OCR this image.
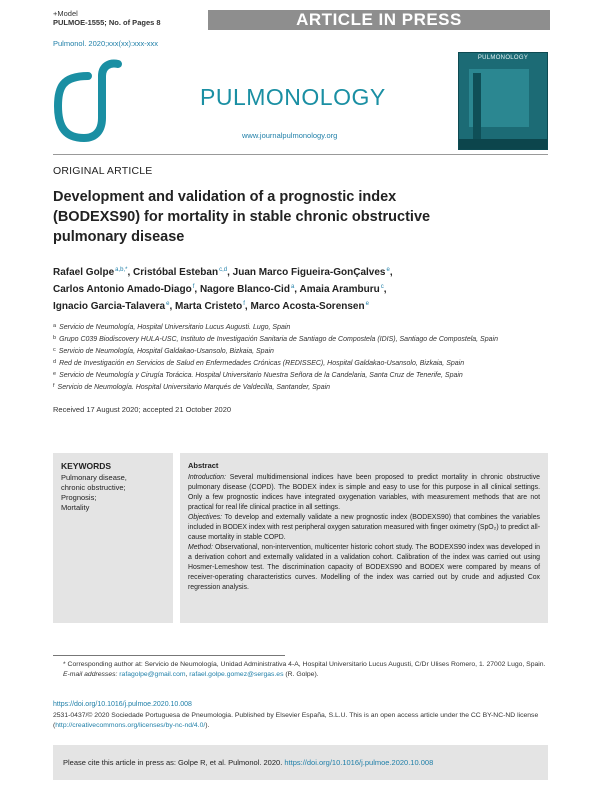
+Model
PULMOE-1555; No. of Pages 8	ARTICLE IN PRESS
Pulmonol. 2020;xxx(xx):xxx-xxx
PULMONOLOGY
www.journalpulmonology.org
PULMONOLOGY
ORIGINAL ARTICLE
Development and validation of a prognostic index (BODEXS90) for mortality in stable chronic obstructive pulmonary disease
Rafael Golpe$^{a,b,*}$, Cristóbal Esteban$^{c,d}$, Juan Marco Figueira-GonÇalves$^e$,
Carlos Antonio Amado-Diago$^f$, Nagore Blanco-Cid$^a$, Amaia Aramburu$^c$,
Ignacio Garcia-Talavera$^e$, Marta Cristeto$^f$, Marco Acosta-Sorensen$^e$
$^a$ Servicio de Neumología, Hospital Universitario Lucus Augusti. Lugo, Spain
$^b$ Grupo C039 Biodiscovery HULA-USC, Instituto de Investigación Sanitaria de Santiago de Compostela (IDIS), Santiago de Compostela, Spain
$^c$ Servicio de Neumología, Hospital Galdakao-Usansolo, Bizkaia, Spain
$^d$ Red de Investigación en Servicios de Salud en Enfermedades Crónicas (REDISSEC), Hospital Galdakao-Usansolo, Bizkaia, Spain
$^e$ Servicio de Neumología y Cirugía Torácica. Hospital Universitario Nuestra Señora de la Candelaria, Santa Cruz de Tenerife, Spain
$^f$ Servicio de Neumología. Hospital Universitario Marqués de Valdecilla, Santander, Spain
Received 17 August 2020; accepted 21 October 2020
KEYWORDS
Pulmonary disease,
chronic obstructive;
Prognosis;
Mortality
Abstract

Introduction: Several multidimensional indices have been proposed to predict mortality in chronic obstructive pulmonary disease (COPD). The BODEX index is simple and easy to use for this purpose in all clinical settings. Only a few prognostic indices have integrated oxygenation variables, with measurement methods that are not practical for real life clinical practice in all settings.

Objectives: To develop and externally validate a new prognostic index (BODEXS90) that combines the variables included in BODEX index with rest peripheral oxygen saturation measured with finger oximetry (SpO₂) to predict all-cause mortality in stable COPD.

Method: Observational, non-intervention, multicenter historic cohort study. The BODEXS90 index was developed in a derivation cohort and externally validated in a validation cohort. Calibration of the index was carried out using Hosmer-Lemeshow test. The discrimination capacity of BODEXS90 and BODEX were compared by means of receiver-operating characteristics curves. Modelling of the index was carried out by crude and adjusted Cox regression analysis.

* Corresponding author at: Servicio de Neumología, Unidad Administrativa 4-A, Hospital Universitario Lucus Augusti, C/Dr Ulises Romero, 1. 27002 Lugo, Spain.
E-mail addresses: rafagolpe@gmail.com, rafael.golpe.gomez@sergas.es (R. Golpe).
https://doi.org/10.1016/j.pulmoe.2020.10.008
2531-0437/© 2020 Sociedade Portuguesa de Pneumologia. Published by Elsevier España, S.L.U. This is an open access article under the CC BY-NC-ND license (http://creativecommons.org/licenses/by-nc-nd/4.0/).
Please cite this article in press as: Golpe R, et al. Pulmonol. 2020. https://doi.org/10.1016/j.pulmoe.2020.10.008
